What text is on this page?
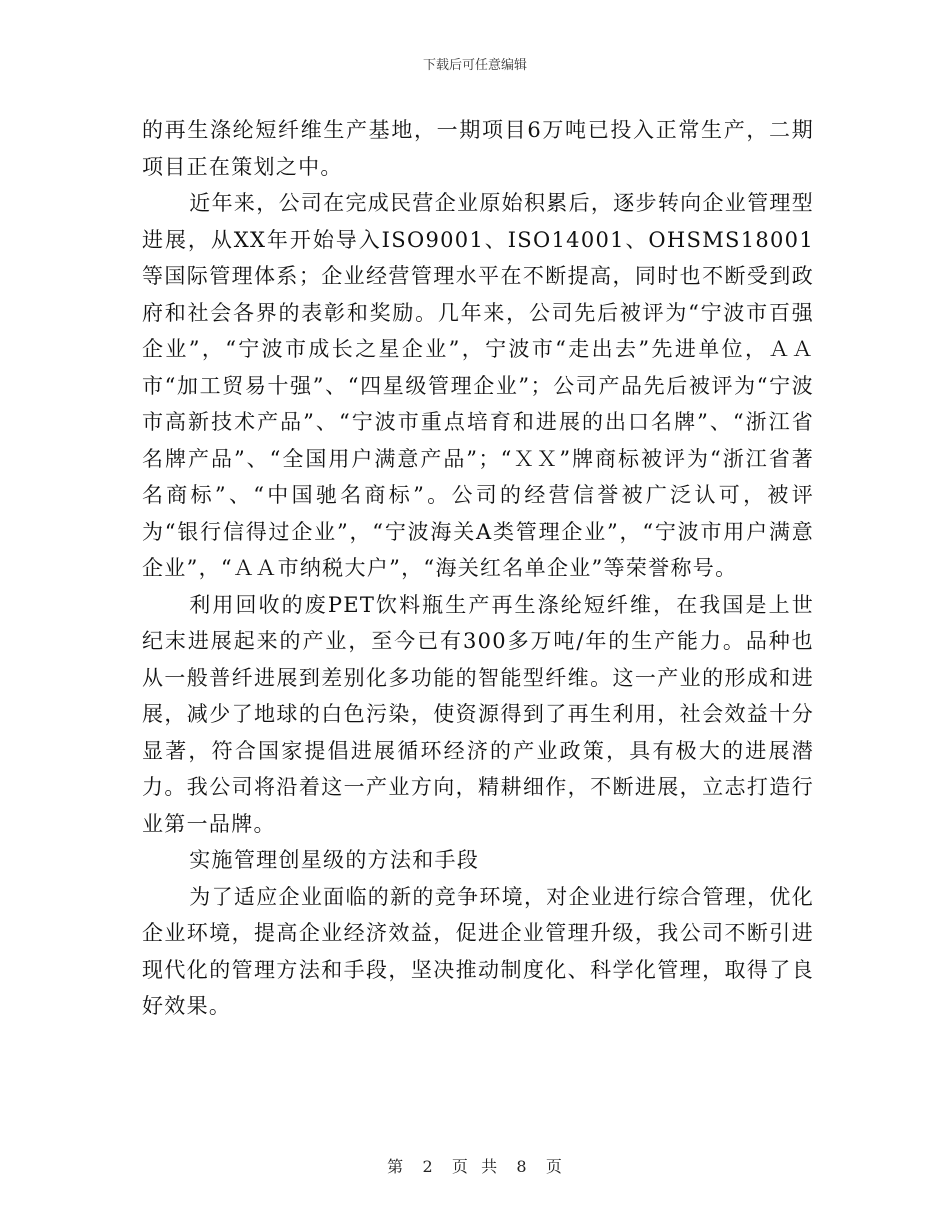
下载后可任意编辑

的再生涤纶短纤维生产基地，一期项目6万吨已投入正常生产，二期项目正在策划之中。

近年来，公司在完成民营企业原始积累后，逐步转向企业管理型进展，从XX年开始导入ISO9001、ISO14001、OHSMS18001等国际管理体系；企业经营管理水平在不断提高，同时也不断受到政府和社会各界的表彰和奖励。几年来，公司先后被评为“宁波市百强企业”，“宁波市成长之星企业”，宁波市“走出去”先进单位，ＡＡ市“加工贸易十强”、“四星级管理企业”；公司产品先后被评为“宁波市高新技术产品”、“宁波市重点培育和进展的出口名牌”、“浙江省名牌产品”、“全国用户满意产品”；“ＸＸ”牌商标被评为“浙江省著名商标”、“中国驰名商标”。公司的经营信誉被广泛认可，被评为“银行信得过企业”，“宁波海关A类管理企业”，“宁波市用户满意企业”，“ＡＡ市纳税大户”，“海关红名单企业”等荣誉称号。

利用回收的废PET饮料瓶生产再生涤纶短纤维，在我国是上世纪末进展起来的产业，至今已有300多万吨/年的生产能力。品种也从一般普纤进展到差别化多功能的智能型纤维。这一产业的形成和进展，减少了地球的白色污染，使资源得到了再生利用，社会效益十分显著，符合国家提倡进展循环经济的产业政策，具有极大的进展潜力。我公司将沿着这一产业方向，精耕细作，不断进展，立志打造行业第一品牌。

实施管理创星级的方法和手段

为了适应企业面临的新的竞争环境，对企业进行综合管理，优化企业环境，提高企业经济效益，促进企业管理升级，我公司不断引进现代化的管理方法和手段，坚决推动制度化、科学化管理，取得了良好效果。

第 2 页  共 8 页
